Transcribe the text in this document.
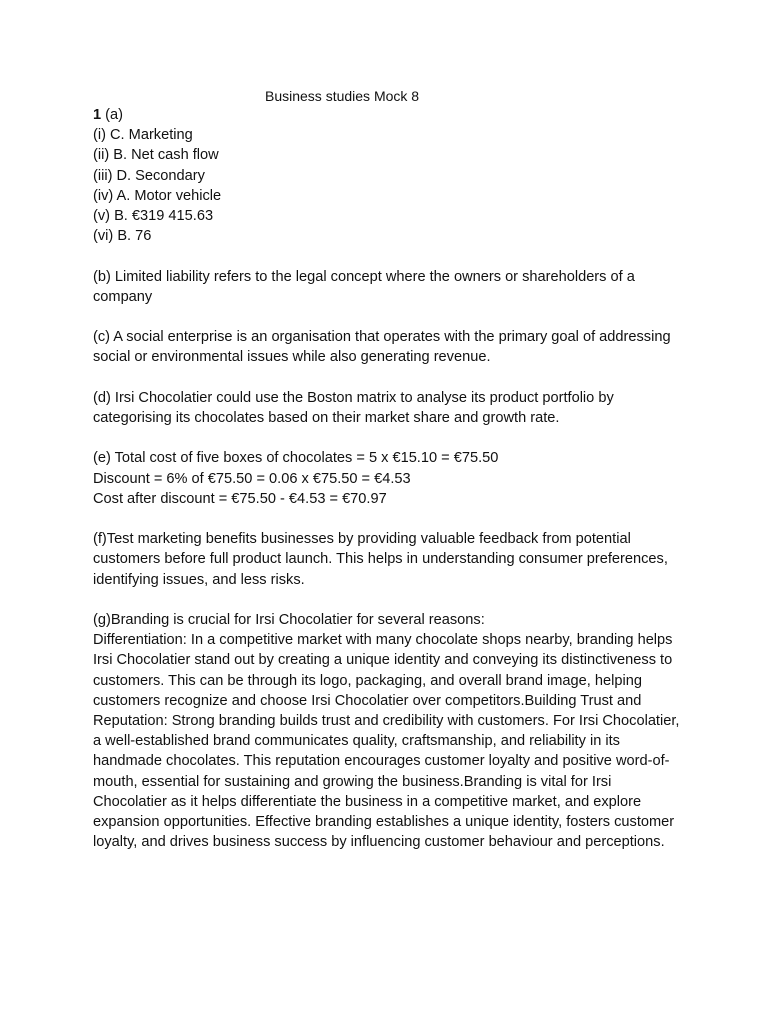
Business studies Mock 8

1 (a)

(i) C. Marketing

(ii) B. Net cash flow

(iii) D. Secondary

(iv) A. Motor vehicle

(v) B. €319 415.63

(vi) B. 76

(b) Limited liability refers to the legal concept where the owners or shareholders of a company

(c) A social enterprise is an organisation that operates with the primary goal of addressing social or environmental issues while also generating revenue.

(d) Irsi Chocolatier could use the Boston matrix to analyse its product portfolio by categorising its chocolates based on their market share and growth rate.

(e) Total cost of five boxes of chocolates = 5 x €15.10 = €75.50

Discount = 6% of €75.50 = 0.06 x €75.50 = €4.53

Cost after discount = €75.50 - €4.53 = €70.97

(f)Test marketing benefits businesses by providing valuable feedback from potential customers before full product launch. This helps in understanding consumer preferences, identifying issues, and less risks.

(g)Branding is crucial for Irsi Chocolatier for several reasons:

Differentiation: In a competitive market with many chocolate shops nearby, branding helps Irsi Chocolatier stand out by creating a unique identity and conveying its distinctiveness to customers. This can be through its logo, packaging, and overall brand image, helping customers recognize and choose Irsi Chocolatier over competitors.Building Trust and Reputation: Strong branding builds trust and credibility with customers. For Irsi Chocolatier, a well-established brand communicates quality, craftsmanship, and reliability in its handmade chocolates. This reputation encourages customer loyalty and positive word-of-mouth, essential for sustaining and growing the business.Branding is vital for Irsi Chocolatier as it helps differentiate the business in a competitive market, and explore expansion opportunities. Effective branding establishes a unique identity, fosters customer loyalty, and drives business success by influencing customer behaviour and perceptions.
